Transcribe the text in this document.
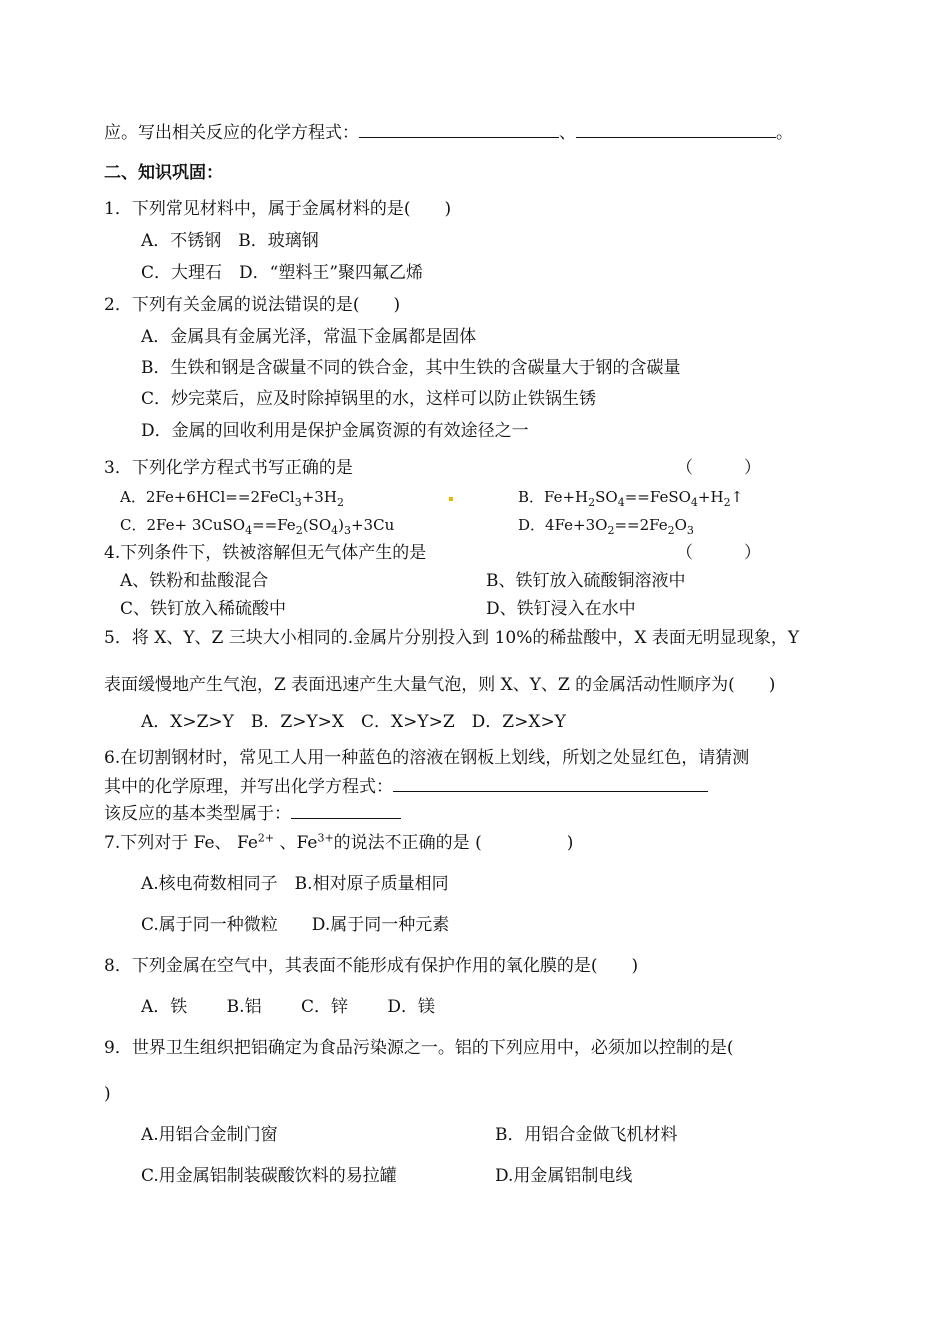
应。写出相关反应的化学方程式：	、	。
二、知识巩固：
1．下列常见材料中，属于金属材料的是(　　)
A．不锈钢　B．玻璃钢
C．大理石　D．“塑料王”聚四氟乙烯
2．下列有关金属的说法错误的是(　　)
A．金属具有金属光泽，常温下金属都是固体
B．生铁和钢是含碳量不同的铁合金，其中生铁的含碳量大于钢的含碳量
C．炒完菜后，应及时除掉锅里的水，这样可以防止铁锅生锈
D．金属的回收利用是保护金属资源的有效途径之一
3．下列化学方程式书写正确的是	（　　　）
A．$2Fe+6HCl==2FeCl_3+3H_2$	B．$Fe+H_2SO_4==FeSO_4+H_2↑$
C．$2Fe+ 3CuSO_4==Fe_2(SO_4)_3+3Cu$	D．$4Fe+3O_2==2Fe_2O_3$
4.下列条件下，铁被溶解但无气体产生的是	（　　　）
A、铁粉和盐酸混合	B、铁钉放入硫酸铜溶液中
C、铁钉放入稀硫酸中	D、铁钉浸入在水中
5．将 X、Y、Z 三块大小相同的.金属片分别投入到 10%的稀盐酸中，X 表面无明显现象，Y
表面缓慢地产生气泡，Z 表面迅速产生大量气泡，则 X、Y、Z 的金属活动性顺序为(　　)
A．X>Z>Y　B．Z>Y>X　C．X>Y>Z　D．Z>X>Y
6.在切割钢材时，常见工人用一种蓝色的溶液在钢板上划线，所划之处显红色，请猜测
其中的化学原理，并写出化学方程式：
该反应的基本类型属于：
7.下列对于 Fe、 $Fe^{2+}$ 、$Fe^{3+}$的说法不正确的是 (　　　　　)
A.核电荷数相同子　B.相对原子质量相同
C.属于同一种微粒　　D.属于同一种元素
8．下列金属在空气中，其表面不能形成有保护作用的氧化膜的是(　　)
A．铁　　 B.铝　　 C．锌　　 D．镁
9．世界卫生组织把铝确定为食品污染源之一。铝的下列应用中，必须加以控制的是(
)
A.用铝合金制门窗	B．用铝合金做飞机材料
C.用金属铝制装碳酸饮料的易拉罐	D.用金属铝制电线
